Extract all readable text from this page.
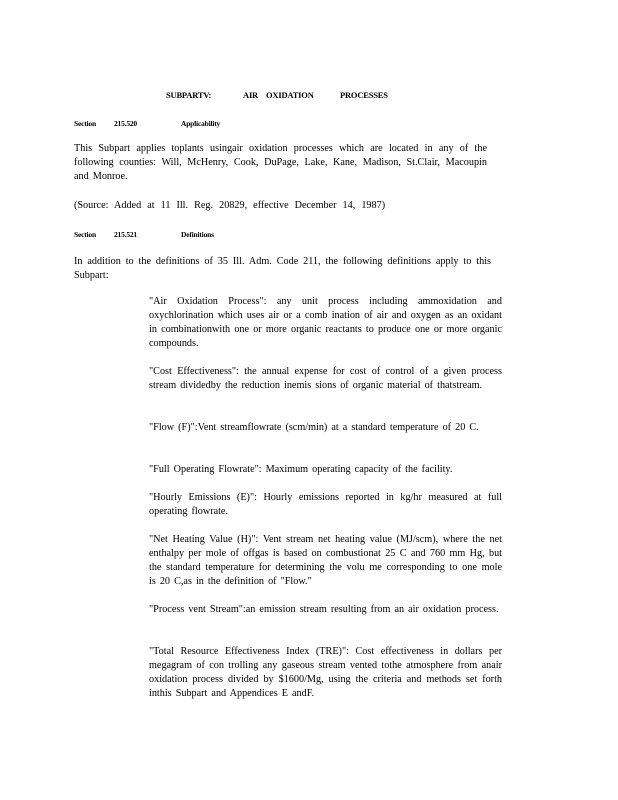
SUBPARTV:	AIR OXIDATION	PROCESSES
Section 215.520	Applicability
This Subpart applies toplants usingair oxidation processes which are located in any of the following counties: Will, McHenry, Cook, DuPage, Lake, Kane, Madison, St.Clair, Macoupin and Monroe.
(Source: Added at 11 Ill. Reg. 20829, effective December 14, 1987)
Section 215.521	Definitions
In addition to the definitions of 35 Ill. Adm. Code 211, the following definitions apply to this Subpart:
"Air Oxidation Process": any unit process including ammoxidation and oxychlorination which uses air or a comb ination of air and oxygen as an oxidant in combinationwith one or more organic reactants to produce one or more organic compounds.
"Cost Effectiveness": the annual expense for cost of control of a given process stream dividedby the reduction inemis sions of organic material of thatstream.
"Flow (F)":Vent streamflowrate (scm/min) at a standard temperature of 20 C.
"Full Operating Flowrate": Maximum operating capacity of the facility.
"Hourly Emissions (E)": Hourly emissions reported in kg/hr measured at full operating flowrate.
"Net Heating Value (H)": Vent stream net heating value (MJ/scm), where the net enthalpy per mole of offgas is based on combustionat 25 C and 760 mm Hg, but the standard temperature for determining the volu me corresponding to one mole is 20 C,as in the definition of "Flow."
"Process vent Stream":an emission stream resulting from an air oxidation process.
"Total Resource Effectiveness Index (TRE)": Cost effectiveness in dollars per megagram of con trolling any gaseous stream vented tothe atmosphere from anair oxidation process divided by $1600/Mg, using the criteria and methods set forth inthis Subpart and Appendices E andF.
